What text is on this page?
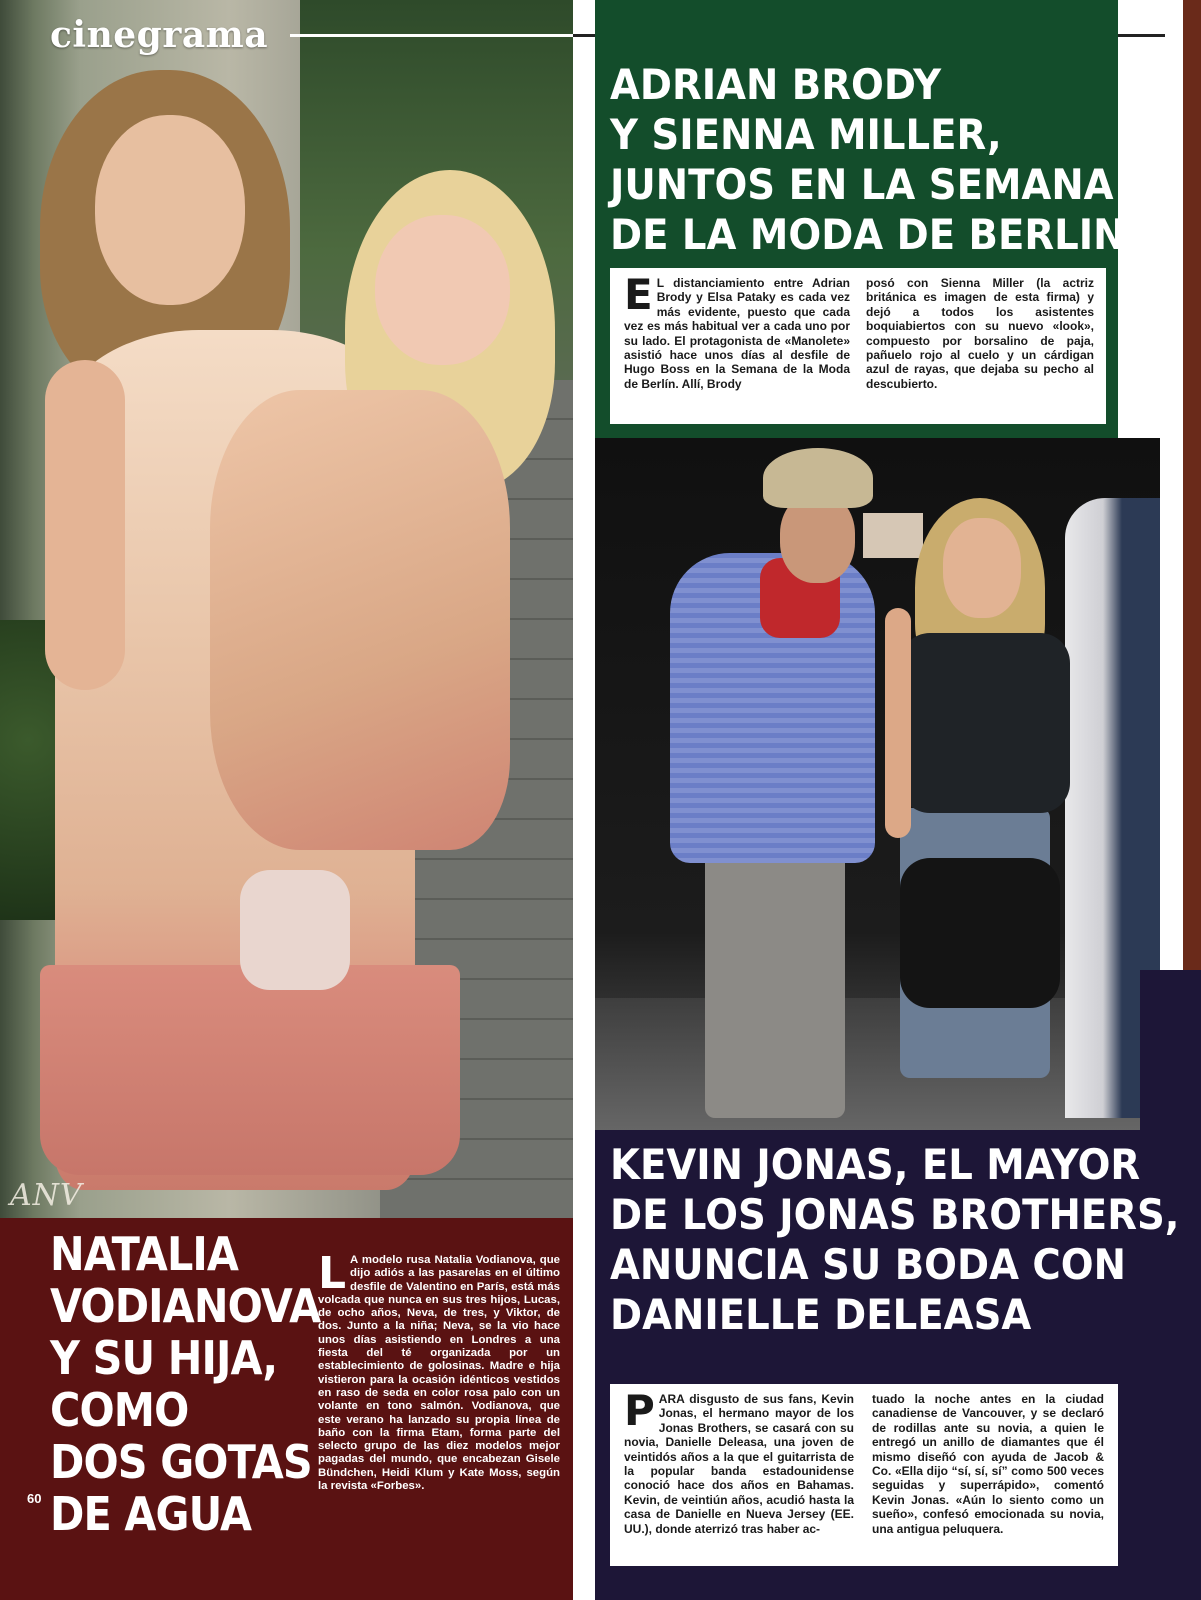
cinegrama
ANV
NATALIA
VODIANOVA
Y SU HIJA,
COMO
DOS GOTAS
DE AGUA
L A modelo rusa Natalia Vodianova, que dijo adiós a las pasarelas en el último desfile de Valentino en París, está más volcada que nunca en sus tres hijos, Lucas, de ocho años, Neva, de tres, y Viktor, de dos. Junto a la niña; Neva, se la vio hace unos días asistiendo en Londres a una fiesta del té organizada por un establecimiento de golosinas. Madre e hija vistieron para la ocasión idénticos vestidos en raso de seda en color rosa palo con un volante en tono salmón. Vodianova, que este verano ha lanzado su propia línea de baño con la firma Etam, forma parte del selecto grupo de las diez modelos mejor pagadas del mundo, que encabezan Gisele Bündchen, Heidi Klum y Kate Moss, según la revista «Forbes».
60
ADRIAN BRODY
Y SIENNA MILLER,
JUNTOS EN LA SEMANA
DE LA MODA DE BERLIN
E L distanciamiento entre Adrian Brody y Elsa Pataky es cada vez más evidente, puesto que cada vez es más habitual ver a cada uno por su lado. El protagonista de «Manolete» asistió hace unos días al desfile de Hugo Boss en la Semana de la Moda de Berlín. Allí, Brody
posó con Sienna Miller (la actriz británica es imagen de esta firma) y dejó a todos los asistentes boquiabiertos con su nuevo «look», compuesto por borsalino de paja, pañuelo rojo al cuelo y un cárdigan azul de rayas, que dejaba su pecho al descubierto.
KEVIN JONAS, EL MAYOR
DE LOS JONAS BROTHERS,
ANUNCIA SU BODA CON
DANIELLE DELEASA
PARA disgusto de sus fans, Kevin Jonas, el hermano mayor de los Jonas Brothers, se casará con su novia, Danielle Deleasa, una joven de veintidós años a la que el guitarrista de la popular banda estadounidense conoció hace dos años en Bahamas. Kevin, de veintiún años, acudió hasta la casa de Danielle en Nueva Jersey (EE. UU.), donde aterrizó tras haber ac-
tuado la noche antes en la ciudad canadiense de Vancouver, y se declaró de rodillas ante su novia, a quien le entregó un anillo de diamantes que él mismo diseñó con ayuda de Jacob & Co. «Ella dijo “sí, sí, sí” como 500 veces seguidas y superrápido», comentó Kevin Jonas. «Aún lo siento como un sueño», confesó emocionada su novia, una antigua peluquera.
